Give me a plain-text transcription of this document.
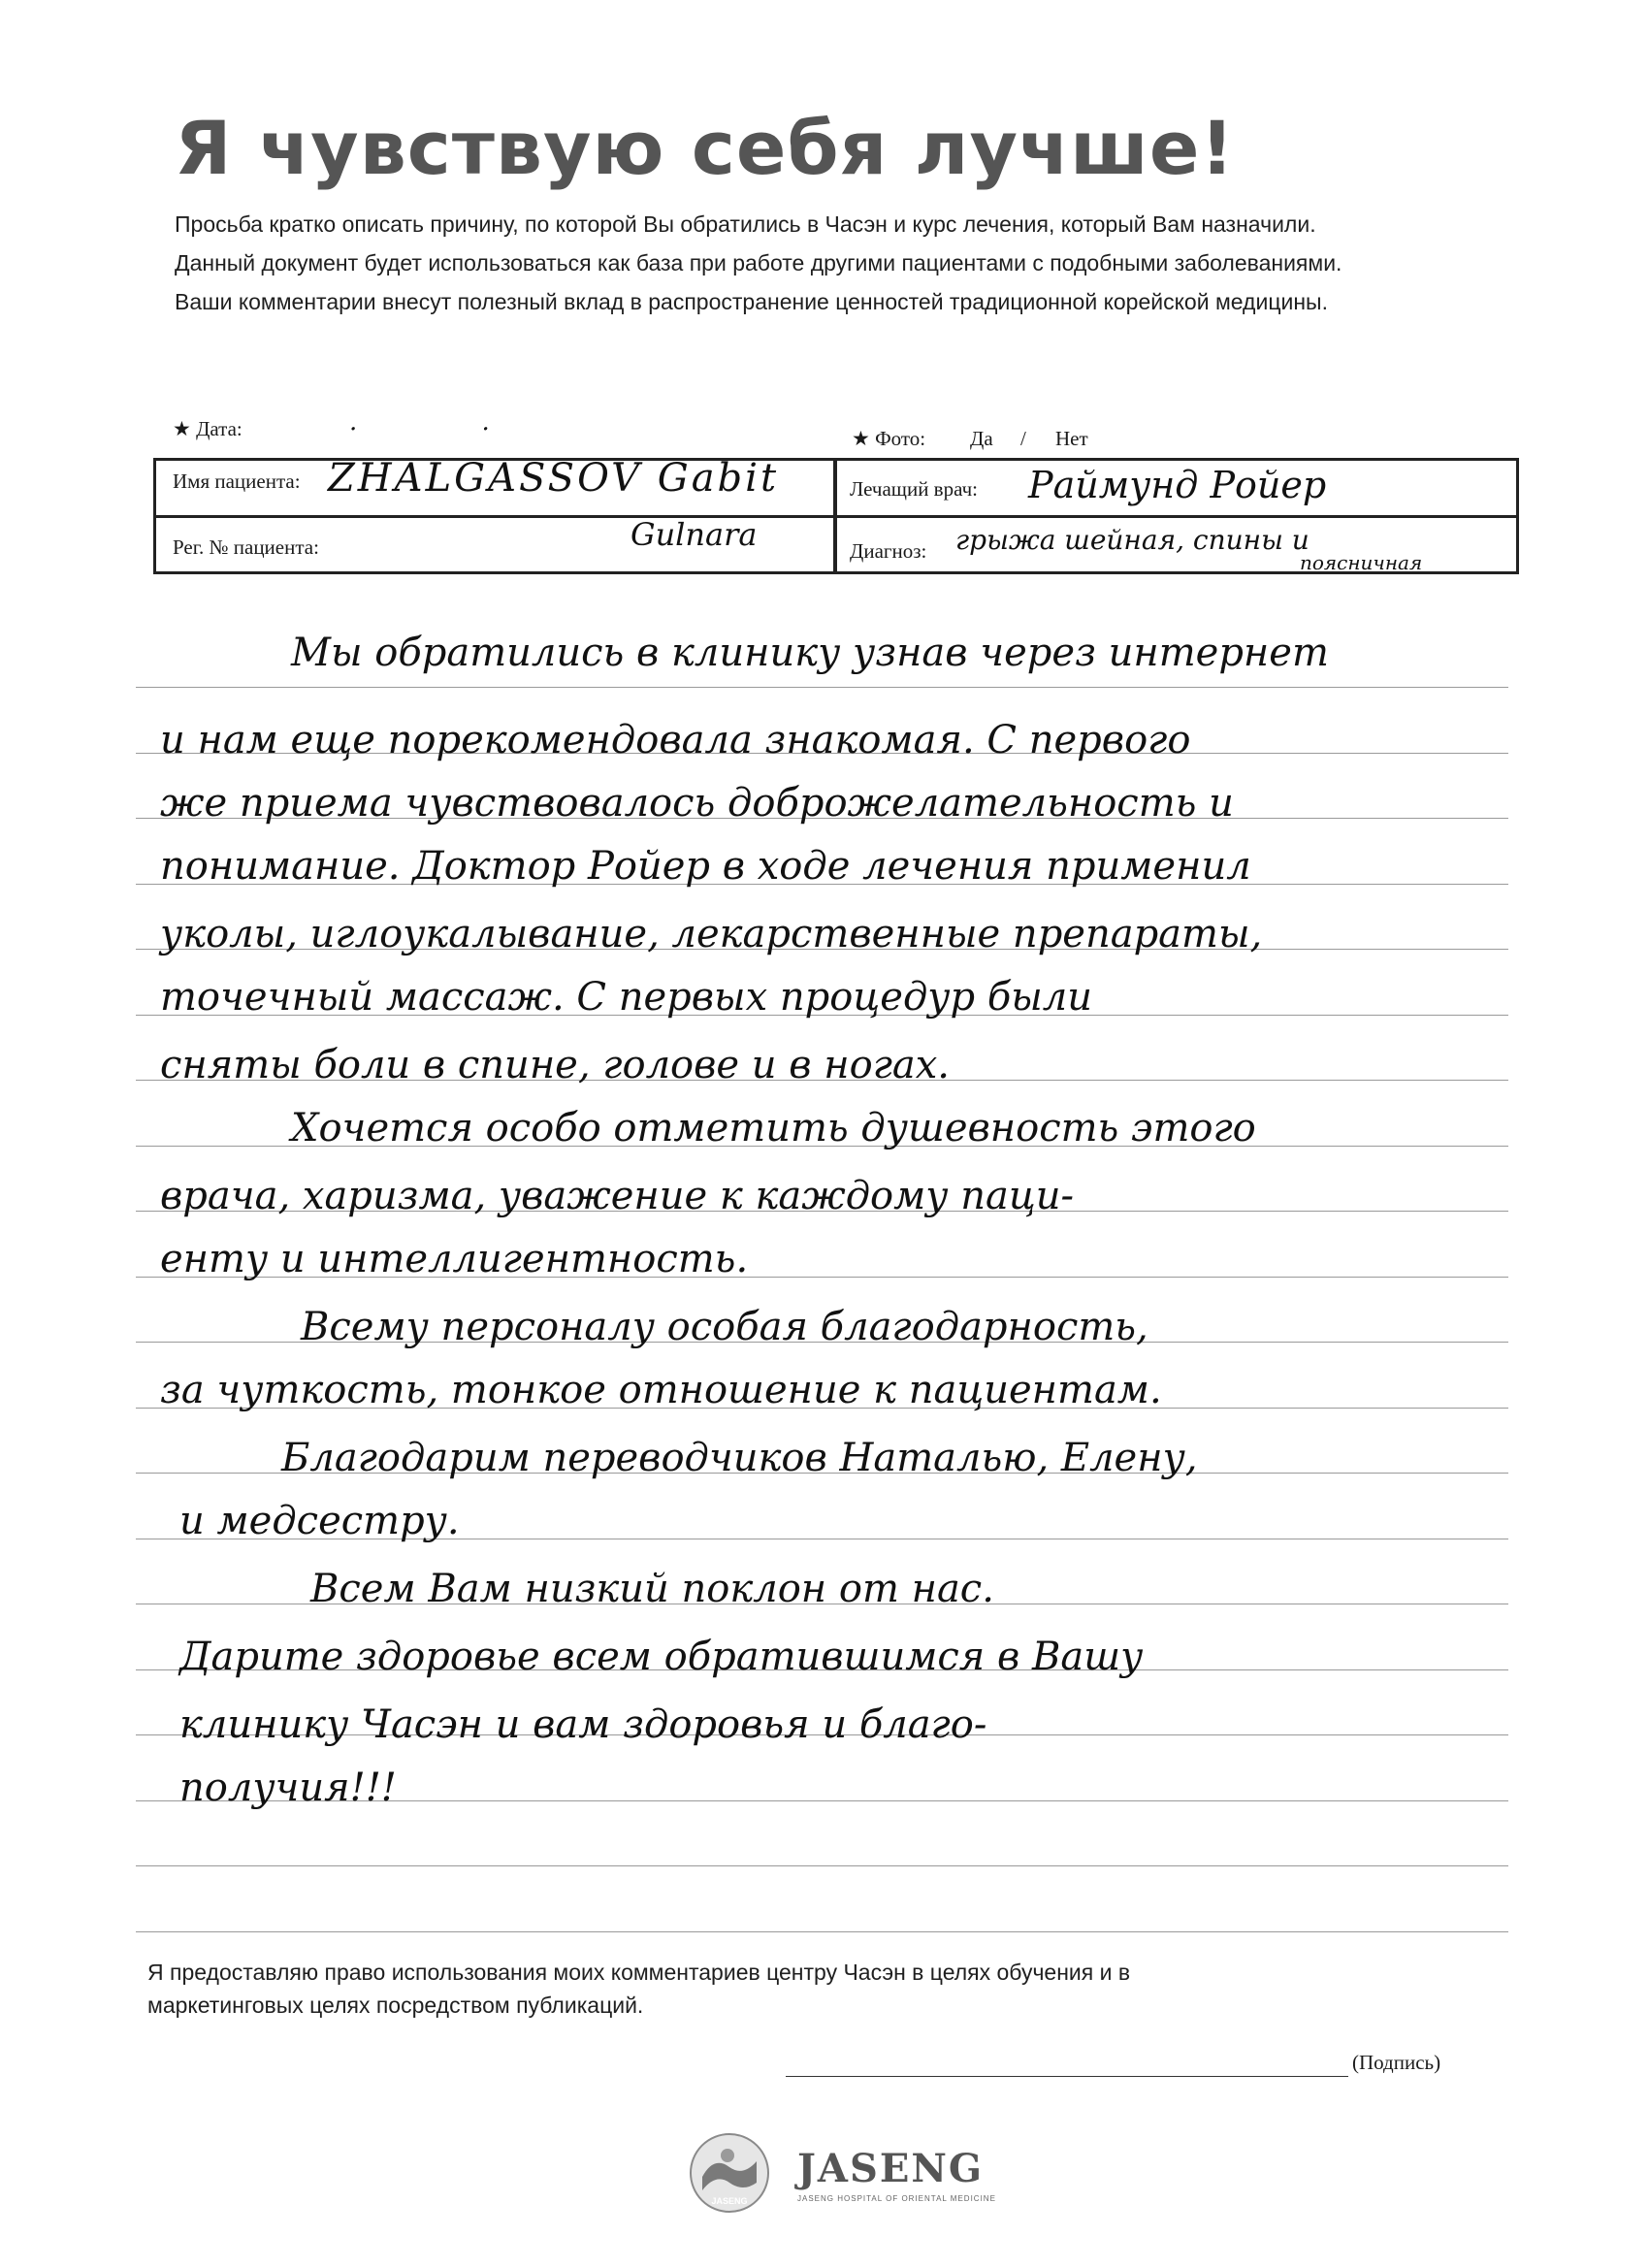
Я чувствую себя лучше!
Просьба кратко описать причину, по которой Вы обратились в Часэн и курс лечения, который Вам назначили.
Данный документ будет использоваться как база при работе другими пациентами с подобными заболеваниями.
Ваши комментарии внесут полезный вклад в распространение ценностей традиционной корейской медицины.
★ Дата:	. .
★ Фото: Да / Нет
Имя пациента: ZHALGASSOV Gabit
Рег. № пациента:	Gulnara
Лечащий врач: Раймунд Ройер
Диагноз: грыжа шейная, спины и
поясничная
Мы обратились в клинику узнав через интернет
и нам еще порекомендовала знакомая. С первого
же приема чувствовалось доброжелательность и
понимание. Доктор Ройер в ходе лечения применил
уколы, иглоукалывание, лекарственные препараты,
точечный массаж. С первых процедур были
сняты боли в спине, голове и в ногах.
Хочется особо отметить душевность этого
врача, харизма, уважение к каждому паци-
енту и интеллигентность.
Всему персоналу особая благодарность,
за чуткость, тонкое отношение к пациентам.
Благодарим переводчиков Наталью, Елену,
и медсестру.
Всем Вам низкий поклон от нас.
Дарите здоровье всем обратившимся в Вашу
клинику Часэн и вам здоровья и благо-
получия!!!
Я предоставляю право использования моих комментариев центру Часэн в целях обучения и в
маркетинговых целях посредством публикаций.
(Подпись)
JASENG
JASENG
JASENG HOSPITAL OF ORIENTAL MEDICINE
